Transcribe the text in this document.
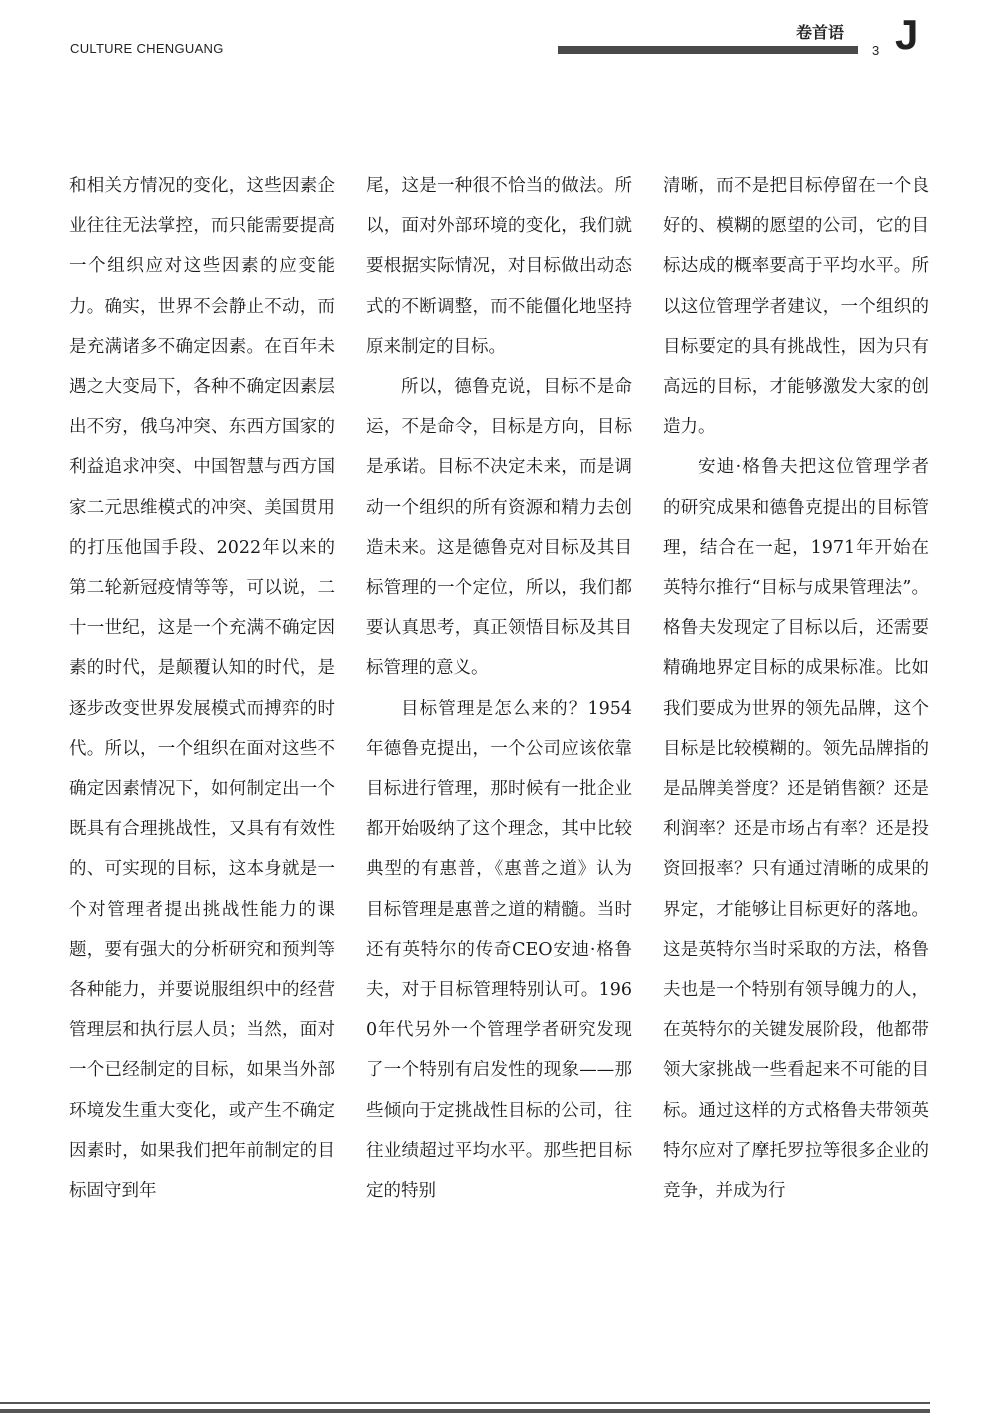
CULTURE CHENGUANG
卷首语
3 J

和相关方情况的变化，这些因素企业往往无法掌控，而只能需要提高一个组织应对这些因素的应变能力。确实，世界不会静止不动，而是充满诸多不确定因素。在百年未遇之大变局下，各种不确定因素层出不穷，俄乌冲突、东西方国家的利益追求冲突、中国智慧与西方国家二元思维模式的冲突、美国贯用的打压他国手段、2022年以来的第二轮新冠疫情等等，可以说，二十一世纪，这是一个充满不确定因素的时代，是颠覆认知的时代，是逐步改变世界发展模式而搏弈的时代。所以，一个组织在面对这些不确定因素情况下，如何制定出一个既具有合理挑战性，又具有有效性的、可实现的目标，这本身就是一个对管理者提出挑战性能力的课题，要有强大的分析研究和预判等各种能力，并要说服组织中的经营管理层和执行层人员；当然，面对一个已经制定的目标，如果当外部环境发生重大变化，或产生不确定因素时，如果我们把年前制定的目标固守到年

尾，这是一种很不恰当的做法。所以，面对外部环境的变化，我们就要根据实际情况，对目标做出动态式的不断调整，而不能僵化地坚持原来制定的目标。

所以，德鲁克说，目标不是命运，不是命令，目标是方向，目标是承诺。目标不决定未来，而是调动一个组织的所有资源和精力去创造未来。这是德鲁克对目标及其目标管理的一个定位，所以，我们都要认真思考，真正领悟目标及其目标管理的意义。

目标管理是怎么来的？1954年德鲁克提出，一个公司应该依靠目标进行管理，那时候有一批企业都开始吸纳了这个理念，其中比较典型的有惠普，《惠普之道》认为目标管理是惠普之道的精髓。当时还有英特尔的传奇CEO安迪·格鲁夫，对于目标管理特别认可。1960年代另外一个管理学者研究发现了一个特别有启发性的现象——那些倾向于定挑战性目标的公司，往往业绩超过平均水平。那些把目标定的特别

清晰，而不是把目标停留在一个良好的、模糊的愿望的公司，它的目标达成的概率要高于平均水平。所以这位管理学者建议，一个组织的目标要定的具有挑战性，因为只有高远的目标，才能够激发大家的创造力。

安迪·格鲁夫把这位管理学者的研究成果和德鲁克提出的目标管理，结合在一起，1971年开始在英特尔推行“目标与成果管理法”。格鲁夫发现定了目标以后，还需要精确地界定目标的成果标准。比如我们要成为世界的领先品牌，这个目标是比较模糊的。领先品牌指的是品牌美誉度？还是销售额？还是利润率？还是市场占有率？还是投资回报率？只有通过清晰的成果的界定，才能够让目标更好的落地。这是英特尔当时采取的方法，格鲁夫也是一个特别有领导魄力的人，在英特尔的关键发展阶段，他都带领大家挑战一些看起来不可能的目标。通过这样的方式格鲁夫带领英特尔应对了摩托罗拉等很多企业的竞争，并成为行
